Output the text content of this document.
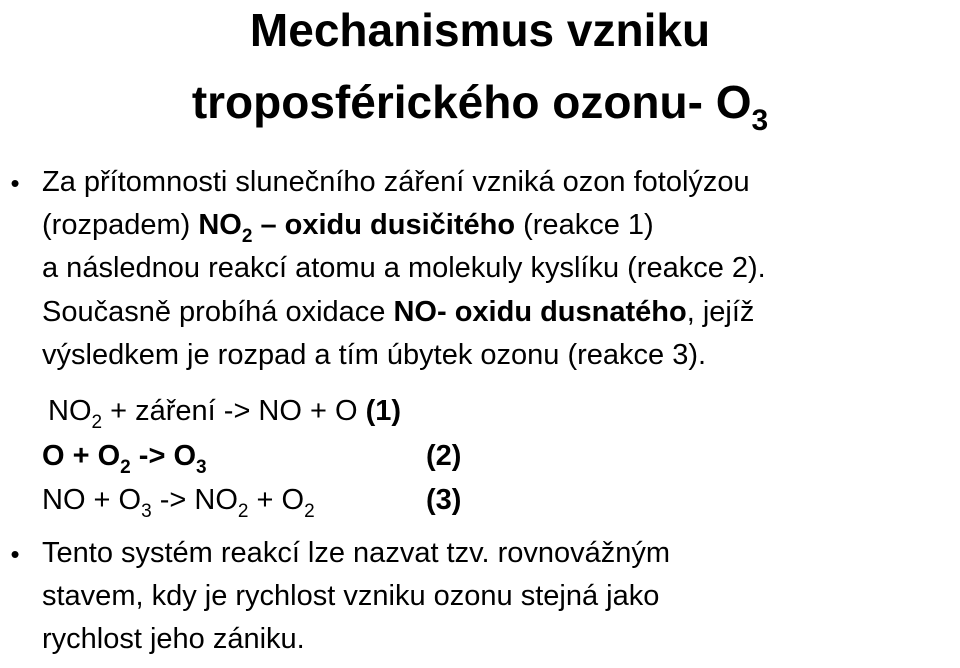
Mechanismus vzniku
troposférického ozonu- $O_3$
• Za přítomnosti slunečního záření vzniká ozon fotolýzou
(rozpadem) $NO_2$ – oxidu dusičitého (reakce 1)
a následnou reakcí atomu a molekuly kyslíku (reakce 2).
Současně probíhá oxidace NO- oxidu dusnatého, jejíž
výsledkem je rozpad a tím úbytek ozonu (reakce 3).
$NO_2$ + záření -> NO + O (1)
$O + O_2 -> O_3$	(2)
NO + $O_3 -> NO_2 + O_2$	(3)
• Tento systém reakcí lze nazvat tzv. rovnovážným
stavem, kdy je rychlost vzniku ozonu stejná jako
rychlost jeho zániku.
